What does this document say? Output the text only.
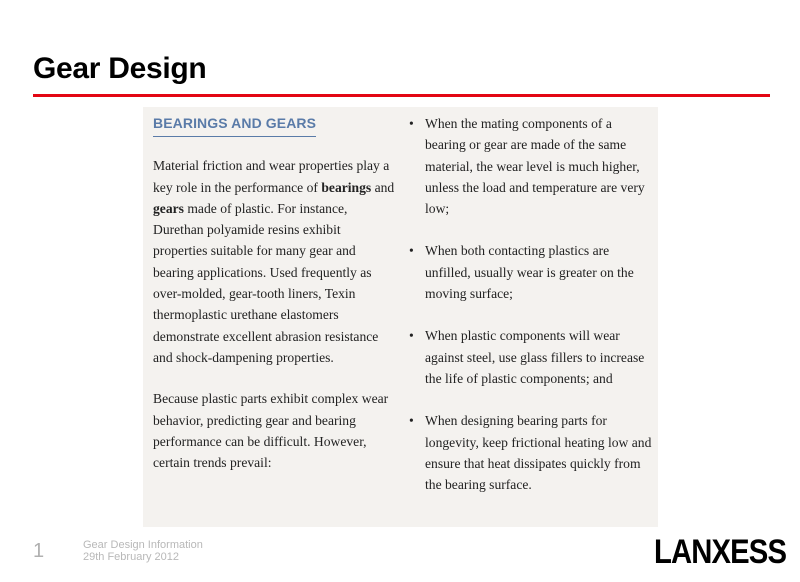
Gear Design
BEARINGS AND GEARS

Material friction and wear properties play a key role in the performance of bearings and gears made of plastic. For instance, Durethan polyamide resins exhibit properties suitable for many gear and bearing applications. Used frequently as over-molded, gear-tooth liners, Texin thermoplastic urethane elastomers demonstrate excellent abrasion resistance and shock-dampening properties.

Because plastic parts exhibit complex wear behavior, predicting gear and bearing performance can be difficult. However, certain trends prevail:

• When the mating components of a bearing or gear are made of the same material, the wear level is much higher, unless the load and temperature are very low;
• When both contacting plastics are unfilled, usually wear is greater on the moving surface;
• When plastic components will wear against steel, use glass fillers to increase the life of plastic components; and
• When designing bearing parts for longevity, keep frictional heating low and ensure that heat dissipates quickly from the bearing surface.
1	Gear Design Information
29th February 2012	LANXESS
